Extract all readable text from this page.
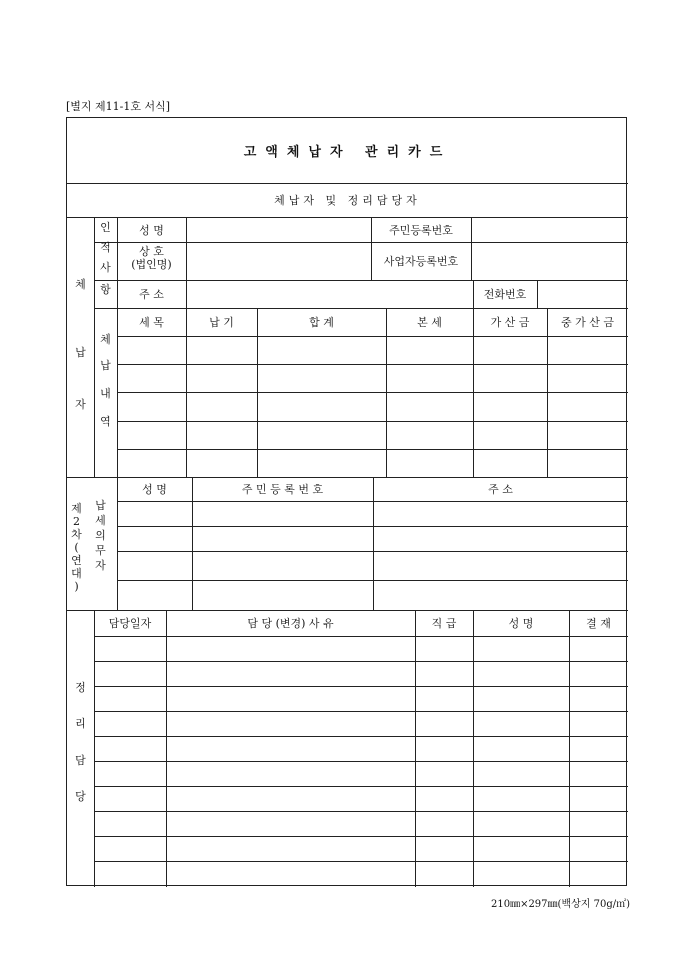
[별지 제11-1호 서식]
고액체납자 관리카드
체납자 및 정리담당자
체
납
자
인
적
사
항
성 명	주민등록번호
상 호
(법인명)	사업자등록번호
주 소	전화번호
체
납
내
역
세 목	납 기	합 계	본 세	가 산 금	중 가 산 금
제
2
차
(
연
대
)
납
세
의
무
자
성 명	주 민 등 록 번 호	주 소
정
리
담
당
담당일자	담 당 (변경) 사 유	직 급	성 명	결 재
210㎜×297㎜(백상지 70g/㎡)
